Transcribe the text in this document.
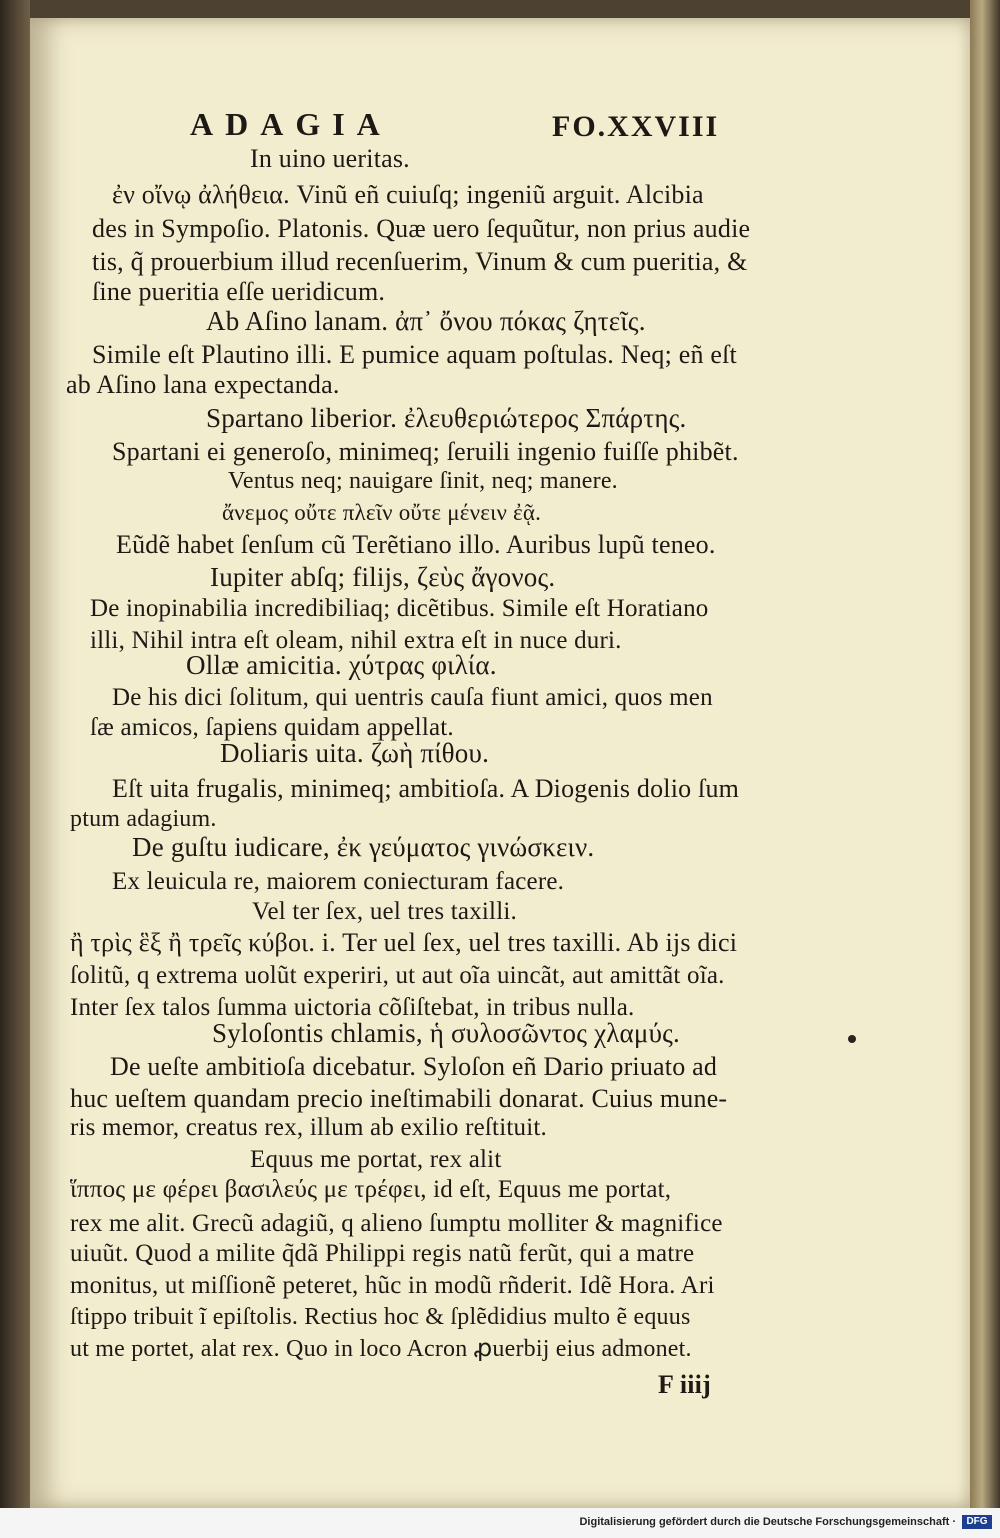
ADAGIA	FO.XXVIII
In uino ueritas.
ἐν οἴνῳ ἀλήθεια. Vinũ eñ cuiuſq; ingeniũ arguit. Alcibia
des in Sympoſio. Platonis. Quæ uero ſequũtur, non prius audie
tis, q̃ prouerbium illud recenſuerim, Vinum & cum pueritia, &
ſine pueritia eſſe ueridicum.
Ab Aſino lanam. ἀπ᾽ ὄνου πόκας ζητεῖς.
Simile eſt Plautino illi. E pumice aquam poſtulas. Neq; eñ eſt
ab Aſino lana expectanda.
Spartano liberior. ἐλευθεριώτερος Σπάρτης.
Spartani ei generoſo, minimeq; ſeruili ingenio fuiſſe phibẽt.
Ventus neq; nauigare ſinit, neq; manere.
ἄνεμος οὔτε πλεῖν οὔτε μένειν ἐᾷ.
Eũdẽ habet ſenſum cũ Terẽtiano illo. Auribus lupũ teneo.
Iupiter abſq; filijs, ζεὺς ἄγονος.
De inopinabilia incredibiliaq; dicẽtibus. Simile eſt Horatiano
illi, Nihil intra eſt oleam, nihil extra eſt in nuce duri.
Ollæ amicitia. χύτρας φιλία.
De his dici ſolitum, qui uentris cauſa fiunt amici, quos men
ſæ amicos, ſapiens quidam appellat.
Doliaris uita. ζωὴ πίθου.
Eſt uita frugalis, minimeq; ambitioſa. A Diogenis dolio ſum
ptum adagium.
De guſtu iudicare, ἐκ γεύματος γινώσκειν.
Ex leuicula re, maiorem coniecturam facere.
Vel ter ſex, uel tres taxilli.
ἢ τρὶς ἓξ ἢ τρεῖς κύβοι. i. Ter uel ſex, uel tres taxilli. Ab ijs dici
ſolitũ, q extrema uolũt experiri, ut aut oĩa uincãt, aut amittãt oĩa.
Inter ſex talos ſumma uictoria cõſiſtebat, in tribus nulla.
Syloſontis chlamis, ἡ συλοσῶντος χλαμύς.
De ueſte ambitioſa dicebatur. Syloſon eñ Dario priuato ad
huc ueſtem quandam precio ineſtimabili donarat. Cuius mune-
ris memor, creatus rex, illum ab exilio reſtituit.
Equus me portat, rex alit
ἵππος με φέρει βασιλεύς με τρέφει, id eſt, Equus me portat,
rex me alit. Grecũ adagiũ, q alieno ſumptu molliter & magnifice
uiuũt. Quod a milite q̃dã Philippi regis natũ ferũt, qui a matre
monitus, ut miſſionẽ peteret, hũc in modũ rñderit. Idẽ Hora. Ari
ſtippo tribuit ĩ epiſtolis. Rectius hoc & ſplẽdidius multo ẽ equus
ut me portet, alat rex. Quo in loco Acron ꝓuerbij eius admonet.
F iiij
Digitalisierung gefördert durch die Deutsche Forschungsgemeinschaft ·	DFG
